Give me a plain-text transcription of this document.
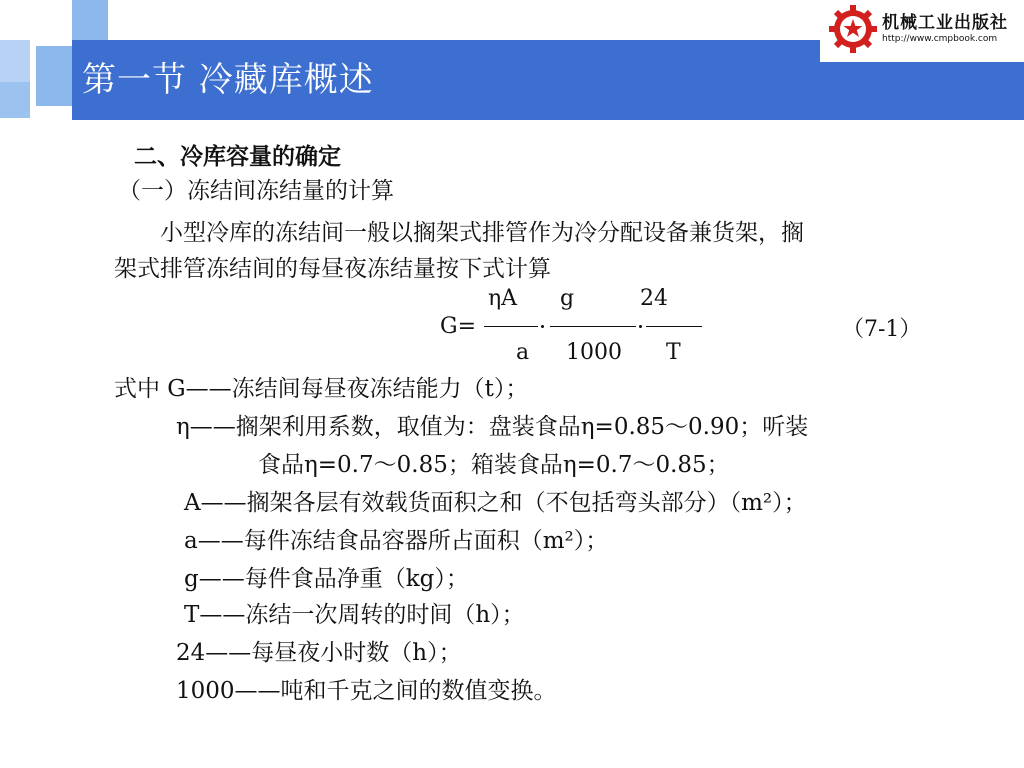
第一节 冷藏库概述
机械工业出版社
http://www.cmpbook.com
二、冷库容量的确定
（一）冻结间冻结量的计算
小型冷库的冻结间一般以搁架式排管作为冷分配设备兼货架，搁
架式排管冻结间的每昼夜冻结量按下式计算
G=
ηA
a
g
1000
24
T
（7-1）
式中 G——冻结间每昼夜冻结能力（t）；
η——搁架利用系数，取值为：盘装食品η=0.85～0.90；听装
食品η=0.7～0.85；箱装食品η=0.7～0.85；
A——搁架各层有效载货面积之和（不包括弯头部分）（m²）；
a——每件冻结食品容器所占面积（m²）；
g——每件食品净重（kg）；
T——冻结一次周转的时间（h）；
24——每昼夜小时数（h）；
1000——吨和千克之间的数值变换。
